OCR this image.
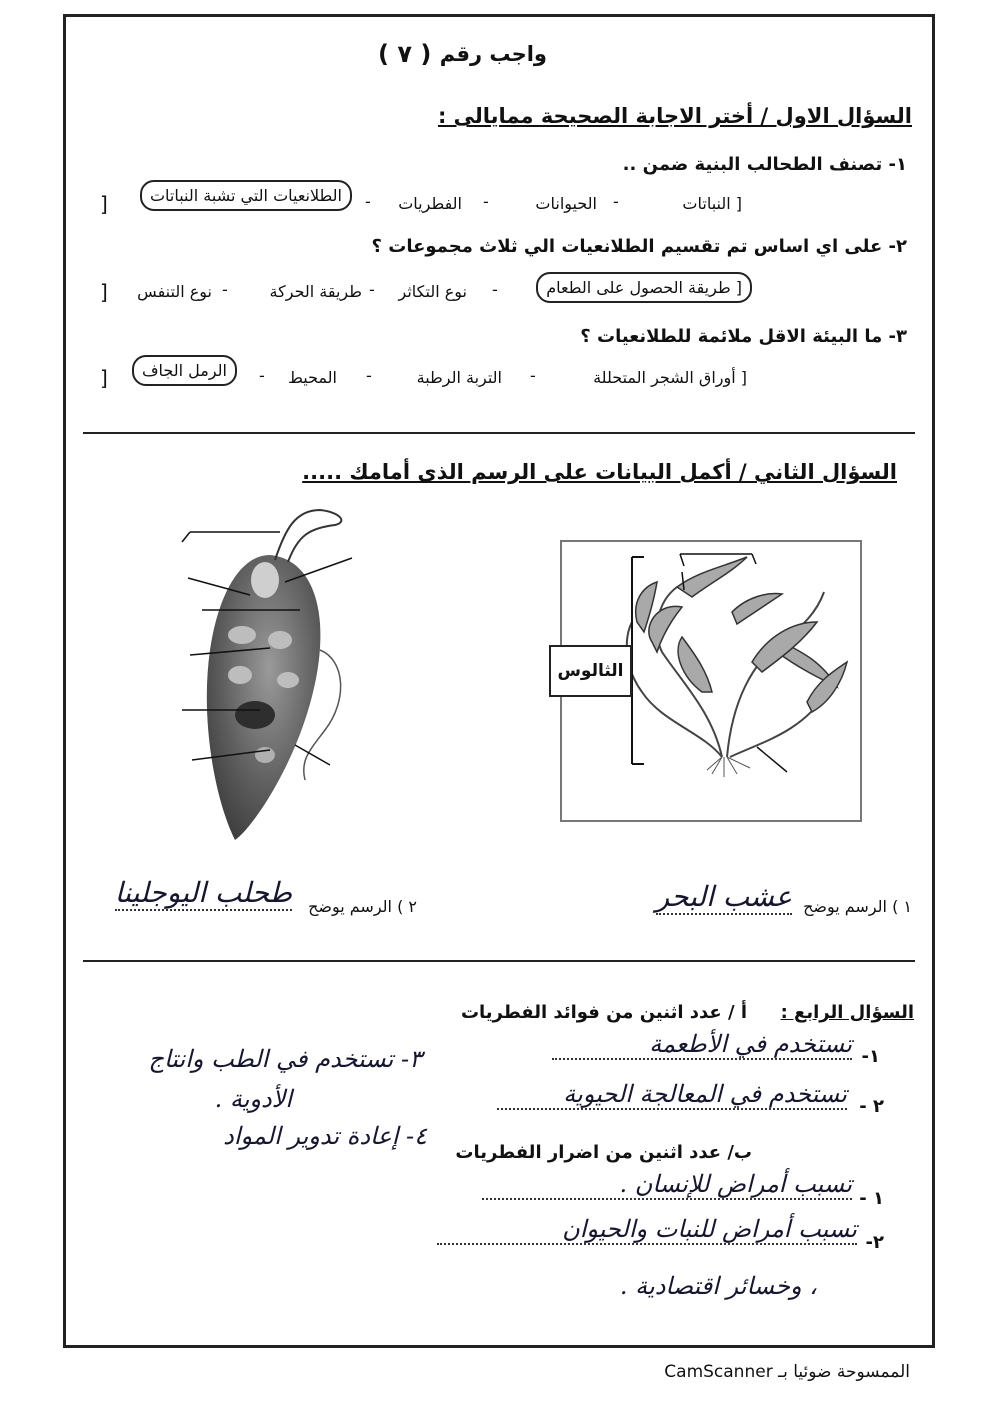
واجب رقم
( ٧ )
السؤال الاول / أختر الاجابة الصحيحة ممايالى :
١- تصنف الطحالب البنية ضمن ..
[ النباتات
الحيوانات
الفطريات
الطلانعيات التي تشبة النباتات
]	-	-
-
٢- على اي اساس تم تقسيم الطلانعيات الي ثلاث مجموعات ؟
[ طريقة الحصول على الطعام
نوع التكاثر
طريقة الحركة
نوع التنفس
]	-
-
-
٣- ما البيئة الاقل ملائمة للطلانعيات ؟
[ أوراق الشجر المتحللة
التربة الرطبة
المحيط
الرمل الجاف
]	-
-
-
السؤال الثاني / أكمل البيانات على الرسم الذى أمامك .....
الثالوس
١ ) الرسم يوضح
عشب البحر
٢ ) الرسم يوضح
طحلب اليوجلينا
السؤال الرابع :
أ / عدد اثنين من فوائد الفطريات
١-
تستخدم في الأطعمة
٢ -
تستخدم في المعالجة الحيوية
٣- تستخدم في الطب وانتاج
الأدوية .
٤- إعادة تدوير المواد
ب/ عدد اثنين من اضرار الفطريات
١ -
تسبب أمراض للإنسان .
٢-
تسبب أمراض للنبات والحيوان
، وخسائر اقتصادية .
الممسوحة ضوئيا بـ CamScanner
